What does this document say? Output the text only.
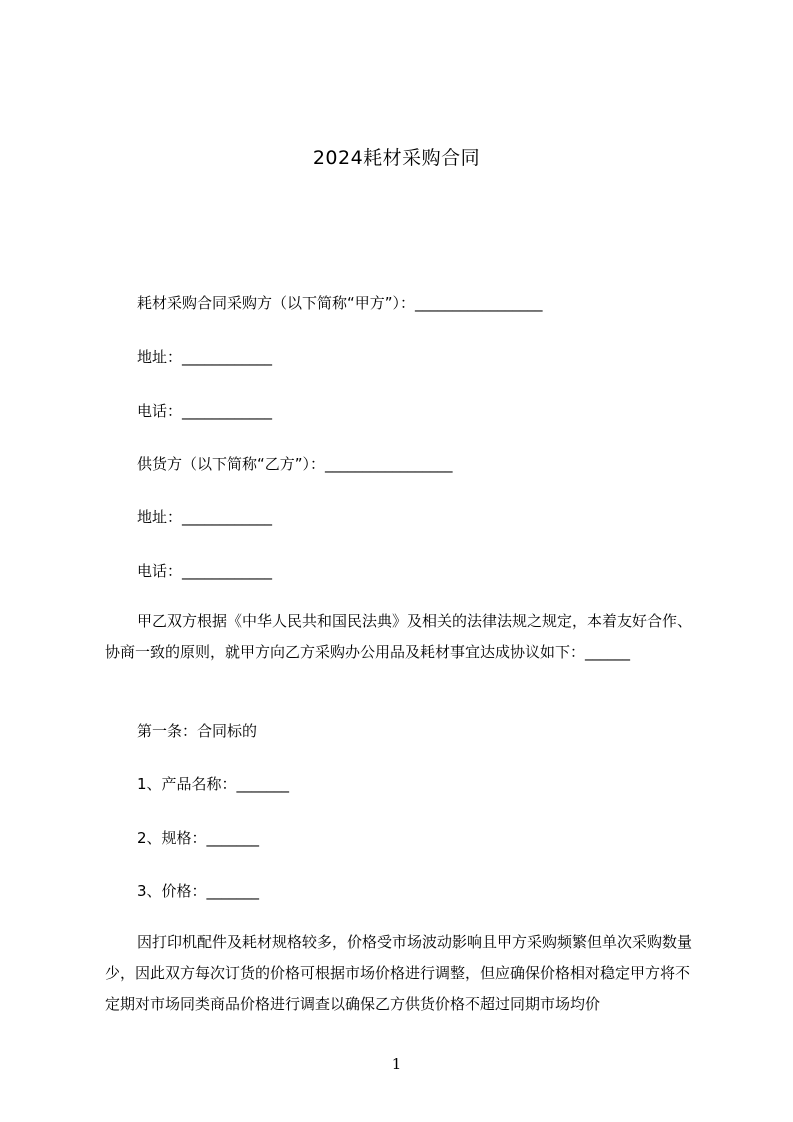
2024耗材采购合同
耗材采购合同采购方（以下简称“甲方”）：_________________
地址：____________
电话：____________
供货方（以下简称“乙方”）：_________________
地址：____________
电话：____________
甲乙双方根据《中华人民共和国民法典》及相关的法律法规之规定，本着友好合作、协商一致的原则，就甲方向乙方采购办公用品及耗材事宜达成协议如下：______
第一条：合同标的
1、产品名称：_______
2、规格：_______
3、价格：_______
因打印机配件及耗材规格较多，价格受市场波动影响且甲方采购频繁但单次采购数量少，因此双方每次订货的价格可根据市场价格进行调整，但应确保价格相对稳定甲方将不定期对市场同类商品价格进行调查以确保乙方供货价格不超过同期市场均价
1
